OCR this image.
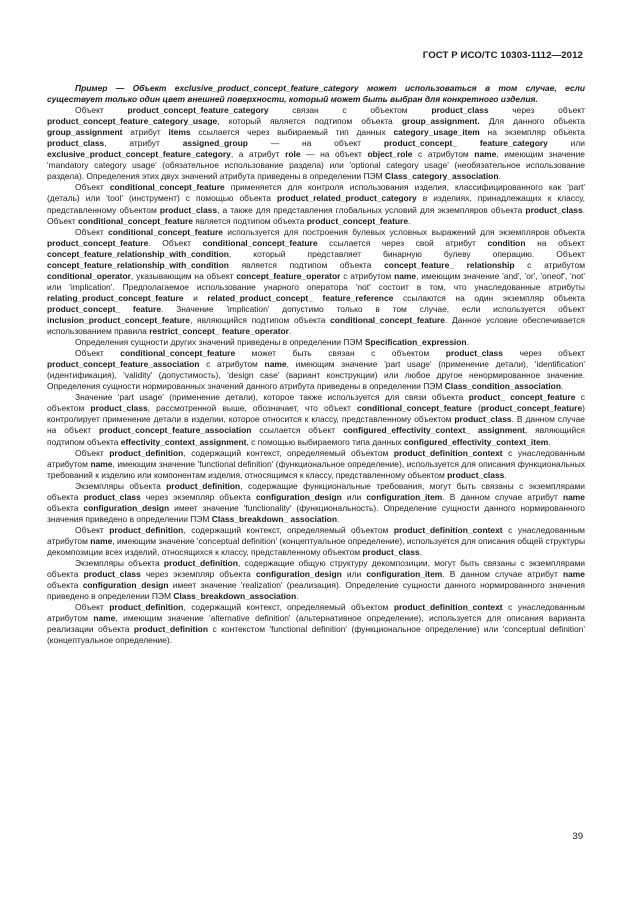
ГОСТ Р ИСО/ТС 10303-1112—2012

Пример — Объект exclusive_product_concept_feature_category может использоваться в том случае, если существует только один цвет внешней поверхности, который может быть выбран для конкретного изделия.

Объект product_concept_feature_category связан с объектом product_class через объект product_concept_feature_category_usage, который является подтипом объекта group_assignment. Для данного объекта group_assignment атрибут items ссылается через выбираемый тип данных category_usage_item на экземпляр объекта product_class, атрибут assigned_group — на объект product_concept_ feature_category или exclusive_product_concept_feature_category, а атрибут role — на объект object_role с атрибутом name, имеющим значение 'mandatory category usage' (обязательное использование раздела) или 'optional category usage' (необязательное использование раздела). Определения этих двух значений атрибута приведены в определении ПЭМ Class_category_association.

Объект conditional_concept_feature применяется для контроля использования изделия, классифицированного как 'part' (деталь) или 'tool' (инструмент) с помощью объекта product_related_product_category в изделиях, принадлежащих к классу, представленному объектом product_class, а также для представления глобальных условий для экземпляров объекта product_class. Объект conditional_concept_feature является подтипом объекта product_concept_feature.

Объект conditional_concept_feature используется для построения булевых условных выражений для экземпляров объекта product_concept_feature. Объект conditional_concept_feature ссылается через свой атрибут condition на объект concept_feature_relationship_with_condition, который представляет бинарную булеву операцию. Объект concept_feature_relationship_with_condition является подтипом объекта concept_feature_ relationship с атрибутом conditional_operator, указывающим на объект concept_feature_operator с атрибутом name, имеющим значение 'and', 'or', 'oneof', 'not' или 'implication'. Предполагаемое использование унарного оператора 'not' состоит в том, что унаследованные атрибуты relating_product_concept_feature и related_product_concept_ feature_reference ссылаются на один экземпляр объекта product_concept_ feature. Значение 'implication' допустимо только в том случае, если используется объект inclusion_product_concept_feature, являющийся подтипом объекта conditional_concept_feature. Данное условие обеспечивается использованием правила restrict_concept_ feature_operator.

Определения сущности других значений приведены в определении ПЭМ Specification_expression.

Объект conditional_concept_feature может быть связан с объектом product_class через объект product_concept_feature_association с атрибутом name, имеющим значение 'part usage' (применение детали), 'identification' (идентификация), 'validity' (допустимость), 'design case' (вариант конструкции) или любое другое ненормированное значение. Определения сущности нормированных значений данного атрибута приведены в определении ПЭМ Class_condition_association.

Значение 'part usage' (применение детали), которое также используется для связи объекта product_ concept_feature с объектом product_class, рассмотренной выше, обозначает, что объект conditional_concept_feature (product_concept_feature) контролирует применение детали в изделии, которое относится к классу, представленному объектом product_class. В данном случае на объект product_concept_feature_association ссылается объект configured_effectivity_context_ assignment, являющийся подтипом объекта effectivity_context_assignment, с помощью выбираемого типа данных configured_effectivity_context_item.

Объект product_definition, содержащий контекст, определяемый объектом product_definition_context с унаследованным атрибутом name, имеющим значение 'functional definition' (функциональное определение), используется для описания функциональных требований к изделию или компонентам изделия, относящимся к классу, представленному объектом product_class.

Экземпляры объекта product_definition, содержащие функциональные требования, могут быть связаны с экземплярами объекта product_class через экземпляр объекта configuration_design или configuration_item. В данном случае атрибут name объекта configuration_design имеет значение 'functionality' (функциональность). Определение сущности данного нормированного значения приведено в определении ПЭМ Class_breakdown_ association.

Объект product_definition, содержащий контекст, определяемый объектом product_definition_context с унаследованным атрибутом name, имеющим значение 'conceptual definition' (концептуальное определение), используется для описания общей структуры декомпозиции всех изделий, относящихся к классу, представленному объектом product_class.

Экземпляры объекта product_definition, содержащие общую структуру декомпозиции, могут быть связаны с экземплярами объекта product_class через экземпляр объекта configuration_design или configuration_item. В данном случае атрибут name объекта configuration_design имеет значение 'realization' (реализация). Определение сущности данного нормированного значения приведено в определении ПЭМ Class_breakdown_association.

Объект product_definition, содержащий контекст, определяемый объектом product_definition_context с унаследованным атрибутом name, имеющим значение 'alternative definition' (альтернативное определение), используется для описания варианта реализации объекта product_definition с контекстом 'functional definition' (функциональное определение) или 'conceptual definition' (концептуальное определение).

39
